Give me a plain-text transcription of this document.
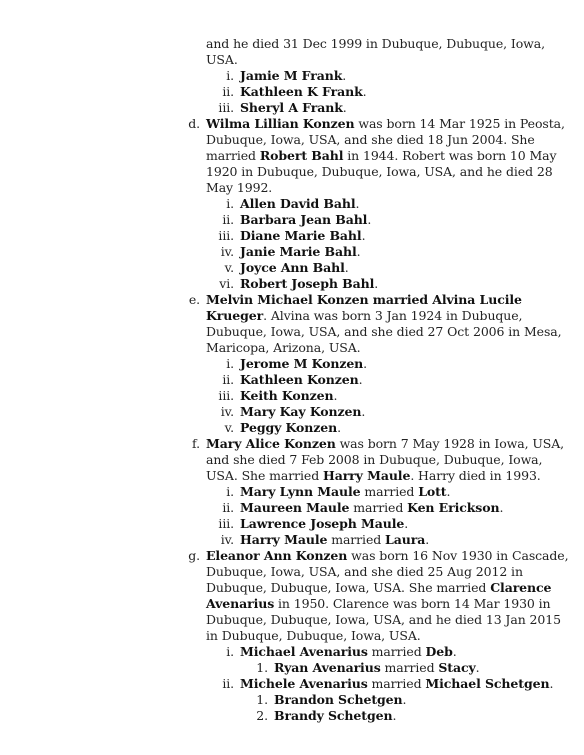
and he died 31 Dec 1999 in Dubuque, Dubuque, Iowa,
USA.
i. Jamie M Frank.
ii. Kathleen K Frank.
iii. Sheryl A Frank.
d. Wilma Lillian Konzen was born 14 Mar 1925 in Peosta,
Dubuque, Iowa, USA, and she died 18 Jun 2004. She
married Robert Bahl in 1944. Robert was born 10 May
1920 in Dubuque, Dubuque, Iowa, USA, and he died 28
May 1992.
i. Allen David Bahl.
ii. Barbara Jean Bahl.
iii. Diane Marie Bahl.
iv. Janie Marie Bahl.
v. Joyce Ann Bahl.
vi. Robert Joseph Bahl.
e. Melvin Michael Konzen married Alvina Lucile
Krueger. Alvina was born 3 Jan 1924 in Dubuque,
Dubuque, Iowa, USA, and she died 27 Oct 2006 in Mesa,
Maricopa, Arizona, USA.
i. Jerome M Konzen.
ii. Kathleen Konzen.
iii. Keith Konzen.
iv. Mary Kay Konzen.
v. Peggy Konzen.
f. Mary Alice Konzen was born 7 May 1928 in Iowa, USA,
and she died 7 Feb 2008 in Dubuque, Dubuque, Iowa,
USA. She married Harry Maule. Harry died in 1993.
i. Mary Lynn Maule married Lott.
ii. Maureen Maule married Ken Erickson.
iii. Lawrence Joseph Maule.
iv. Harry Maule married Laura.
g. Eleanor Ann Konzen was born 16 Nov 1930 in Cascade,
Dubuque, Iowa, USA, and she died 25 Aug 2012 in
Dubuque, Dubuque, Iowa, USA. She married Clarence
Avenarius in 1950. Clarence was born 14 Mar 1930 in
Dubuque, Dubuque, Iowa, USA, and he died 13 Jan 2015
in Dubuque, Dubuque, Iowa, USA.
i. Michael Avenarius married Deb.
1. Ryan Avenarius married Stacy.
ii. Michele Avenarius married Michael Schetgen.
1. Brandon Schetgen.
2. Brandy Schetgen.
